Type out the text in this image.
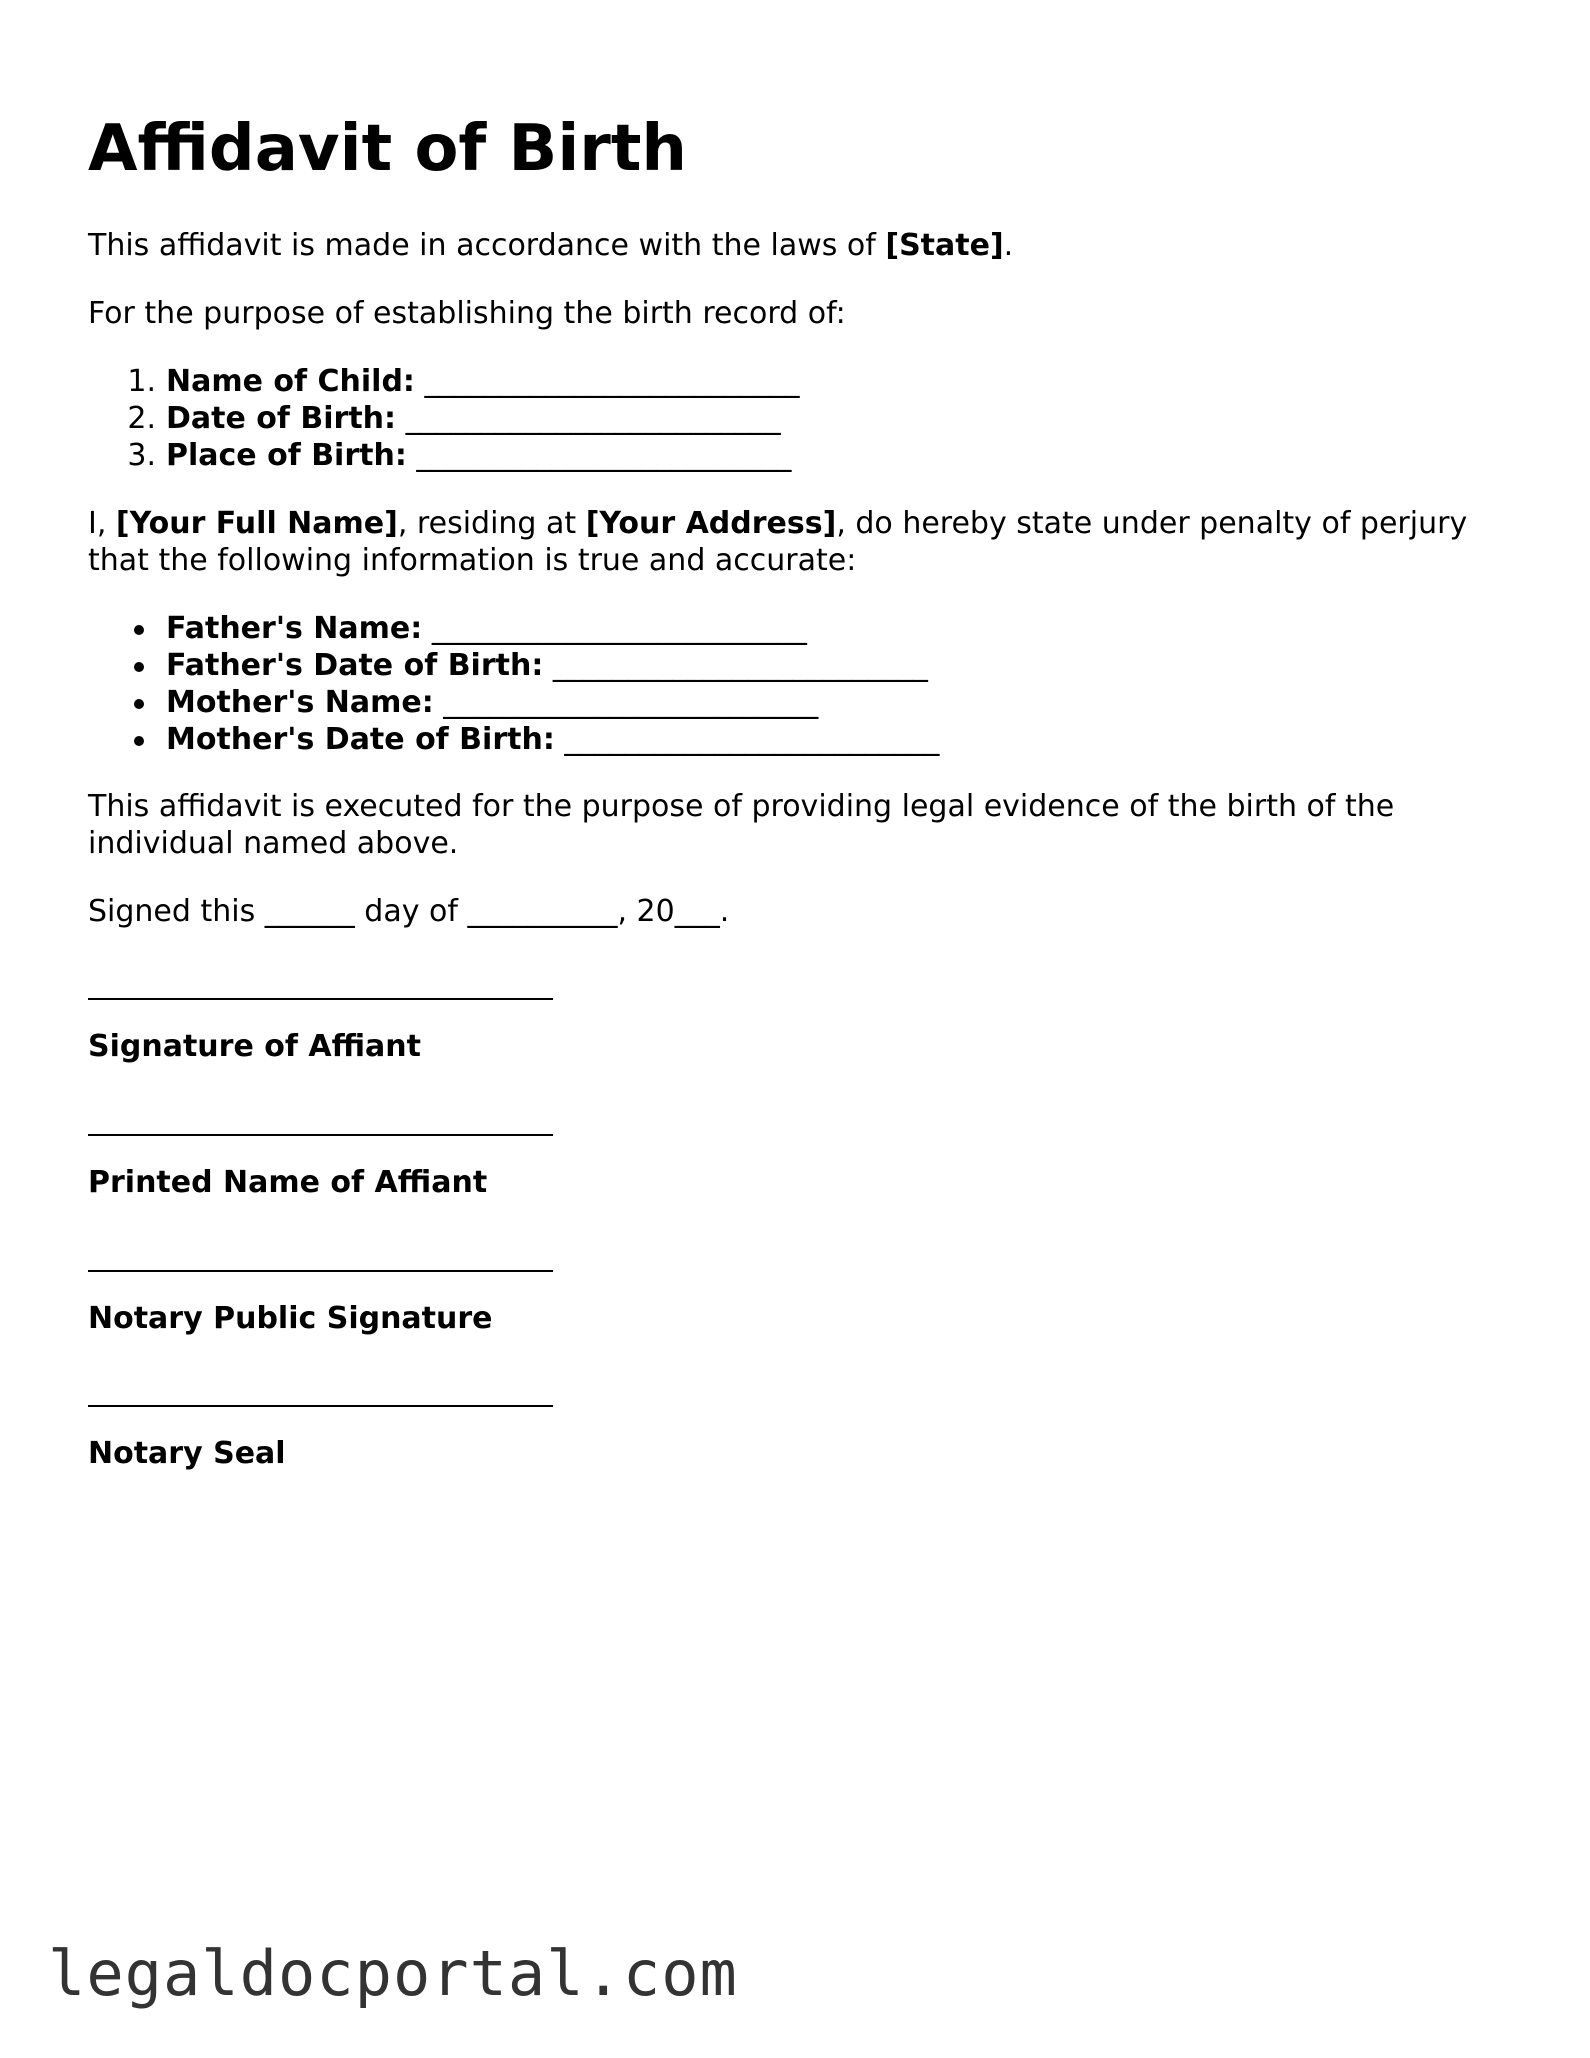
Affidavit of Birth

This affidavit is made in accordance with the laws of [State].

For the purpose of establishing the birth record of:

1. Name of Child: _________________________
2. Date of Birth: _________________________
3. Place of Birth: _________________________

I, [Your Full Name], residing at [Your Address], do hereby state under penalty of perjury that the following information is true and accurate:

Father's Name: _________________________
Father's Date of Birth: _________________________
Mother's Name: _________________________
Mother's Date of Birth: _________________________

This affidavit is executed for the purpose of providing legal evidence of the birth of the individual named above.

Signed this ______ day of __________, 20___.

Signature of Affiant

Printed Name of Affiant

Notary Public Signature

Notary Seal

legaldocportal.com
